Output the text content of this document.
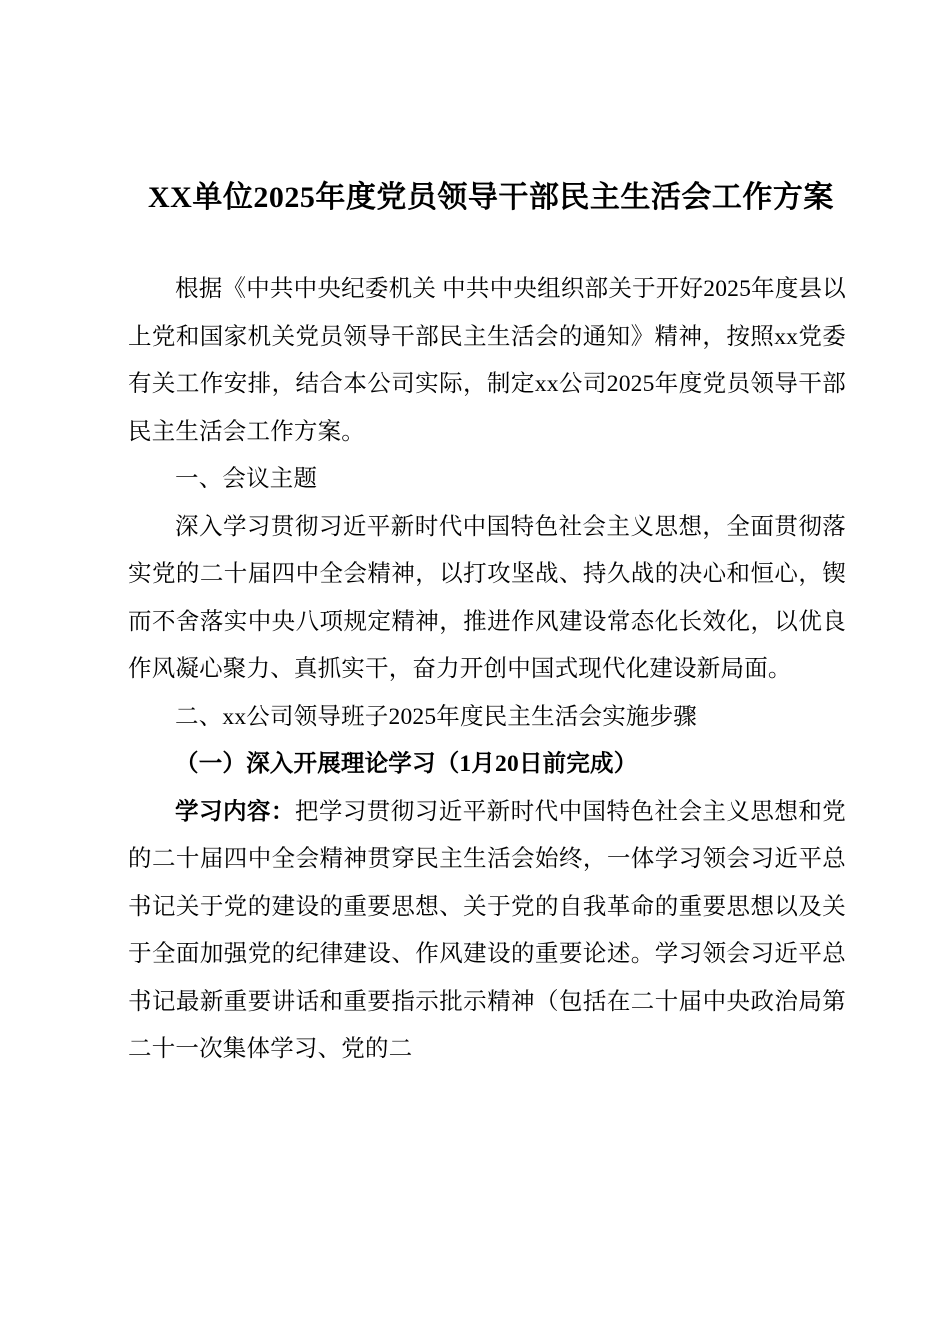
XX单位2025年度党员领导干部民主生活会工作方案

根据《中共中央纪委机关 中共中央组织部关于开好2025年度县以上党和国家机关党员领导干部民主生活会的通知》精神，按照xx党委有关工作安排，结合本公司实际，制定xx公司2025年度党员领导干部民主生活会工作方案。

一、会议主题

深入学习贯彻习近平新时代中国特色社会主义思想，全面贯彻落实党的二十届四中全会精神，以打攻坚战、持久战的决心和恒心，锲而不舍落实中央八项规定精神，推进作风建设常态化长效化，以优良作风凝心聚力、真抓实干，奋力开创中国式现代化建设新局面。

二、xx公司领导班子2025年度民主生活会实施步骤

（一）深入开展理论学习（1月20日前完成）

学习内容：把学习贯彻习近平新时代中国特色社会主义思想和党的二十届四中全会精神贯穿民主生活会始终，一体学习领会习近平总书记关于党的建设的重要思想、关于党的自我革命的重要思想以及关于全面加强党的纪律建设、作风建设的重要论述。学习领会习近平总书记最新重要讲话和重要指示批示精神（包括在二十届中央政治局第二十一次集体学习、党的二
